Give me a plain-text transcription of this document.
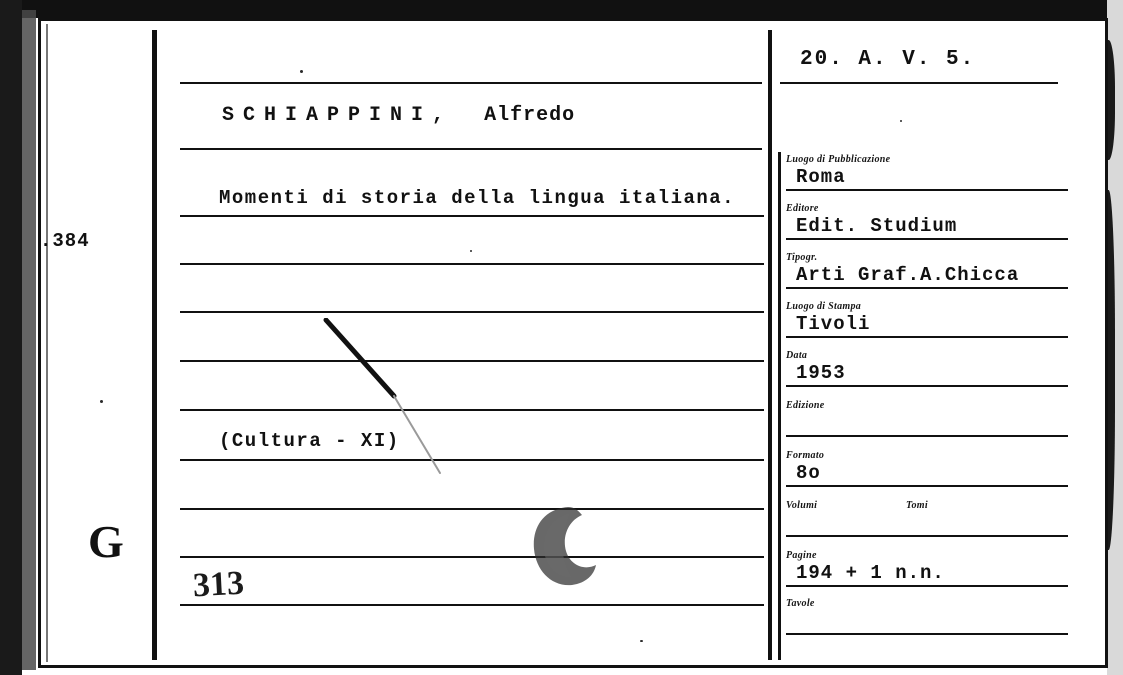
20. A. V. 5.
SCHIAPPINI, Alfredo
Momenti di storia della lingua italiana.
(Cultura - XI)
.384
G
313
Luogo di Pubblicazione
Roma
Editore
Edit. Studium
Tipogr.
Arti Graf.A.Chicca
Luogo di Stampa
Tivoli
Data
1953
Edizione
Formato
8o
Volumi	Tomi
Pagine
194 + 1 n.n.
Tavole
